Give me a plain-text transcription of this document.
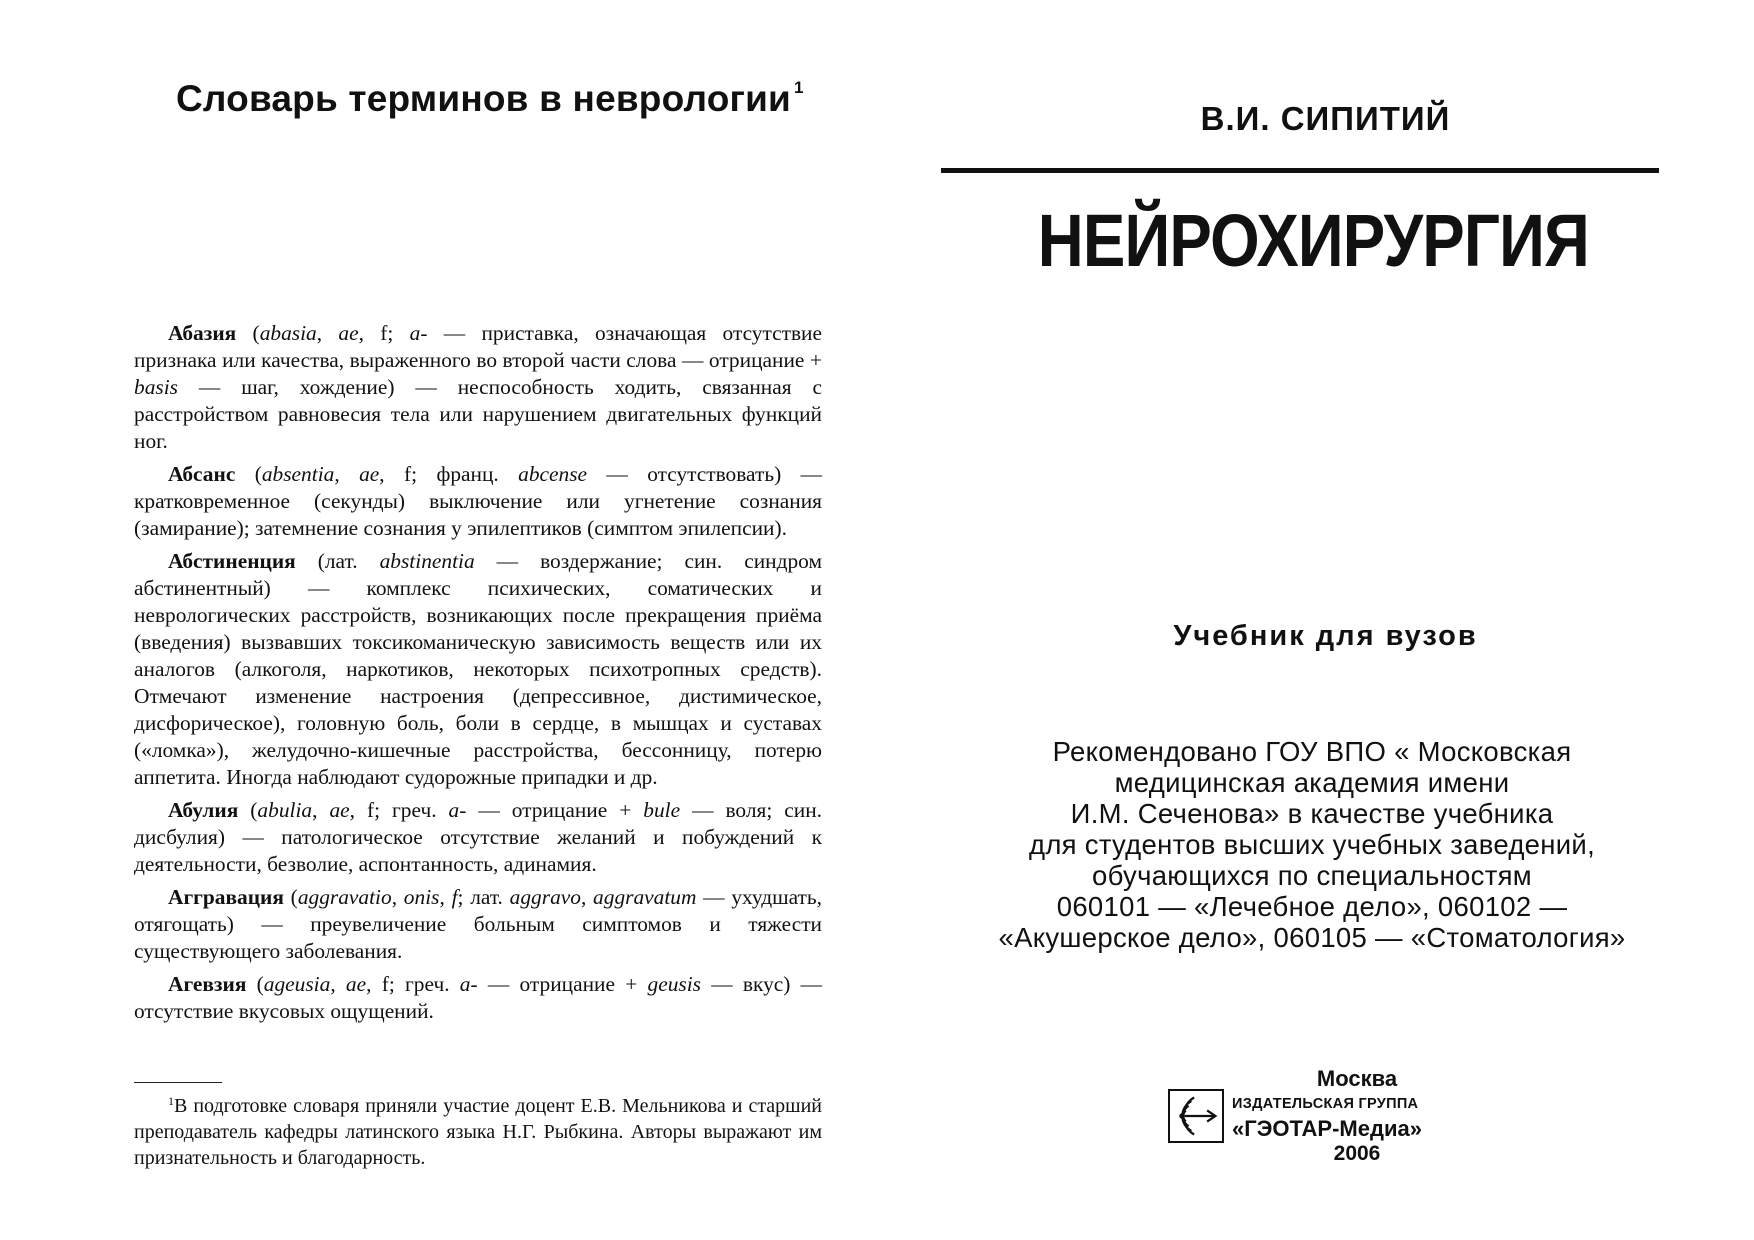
Словарь терминов в неврологии $^1$

Абазия (abasia, ae, f; a- — приставка, означающая отсутствие признака или качества, выраженного во второй части слова — отрицание + basis — шаг, хождение) — неспособность ходить, связанная с расстройством равновесия тела или нарушением двигательных функций ног.

Абсанс (absentia, ae, f; франц. abcense — отсутствовать) — кратковременное (секунды) выключение или угнетение сознания (замирание); затемнение сознания у эпилептиков (симптом эпилепсии).

Абстиненция (лат. abstinentia — воздержание; син. синдром абстинентный) — комплекс психических, соматических и неврологических расстройств, возникающих после прекращения приёма (введения) вызвавших токсикоманическую зависимость веществ или их аналогов (алкоголя, наркотиков, некоторых психотропных средств). Отмечают изменение настроения (депрессивное, дистимическое, дисфорическое), головную боль, боли в сердце, в мышцах и суставах («ломка»), желудочно-кишечные расстройства, бессонницу, потерю аппетита. Иногда наблюдают судорожные припадки и др.

Абулия (abulia, ae, f; греч. a- — отрицание + bule — воля; син. дисбулия) — патологическое отсутствие желаний и побуждений к деятельности, безволие, аспонтанность, адинамия.

Аггравация (aggravatio, onis, f; лат. aggravo, aggravatum — ухудшать, отягощать) — преувеличение больным симптомов и тяжести существующего заболевания.

Агевзия (ageusia, ae, f; греч. a- — отрицание + geusis — вкус) — отсутствие вкусовых ощущений.

$^1$В подготовке словаря приняли участие доцент Е.В. Мельникова и старший преподаватель кафедры латинского языка Н.Г. Рыбкина. Авторы выражают им признательность и благодарность.
В.И. СИПИТИЙ
НЕЙРОХИРУРГИЯ
Учебник для вузов
Рекомендовано ГОУ ВПО « Московская
медицинская академия имени
И.М. Сеченова» в качестве учебника
для студентов высших учебных заведений,
обучающихся по специальностям
060101 — «Лечебное дело», 060102 —
«Акушерское дело», 060105 — «Стоматология»
Москва
ИЗДАТЕЛЬСКАЯ ГРУППА
«ГЭОТАР-Медиа»
2006
